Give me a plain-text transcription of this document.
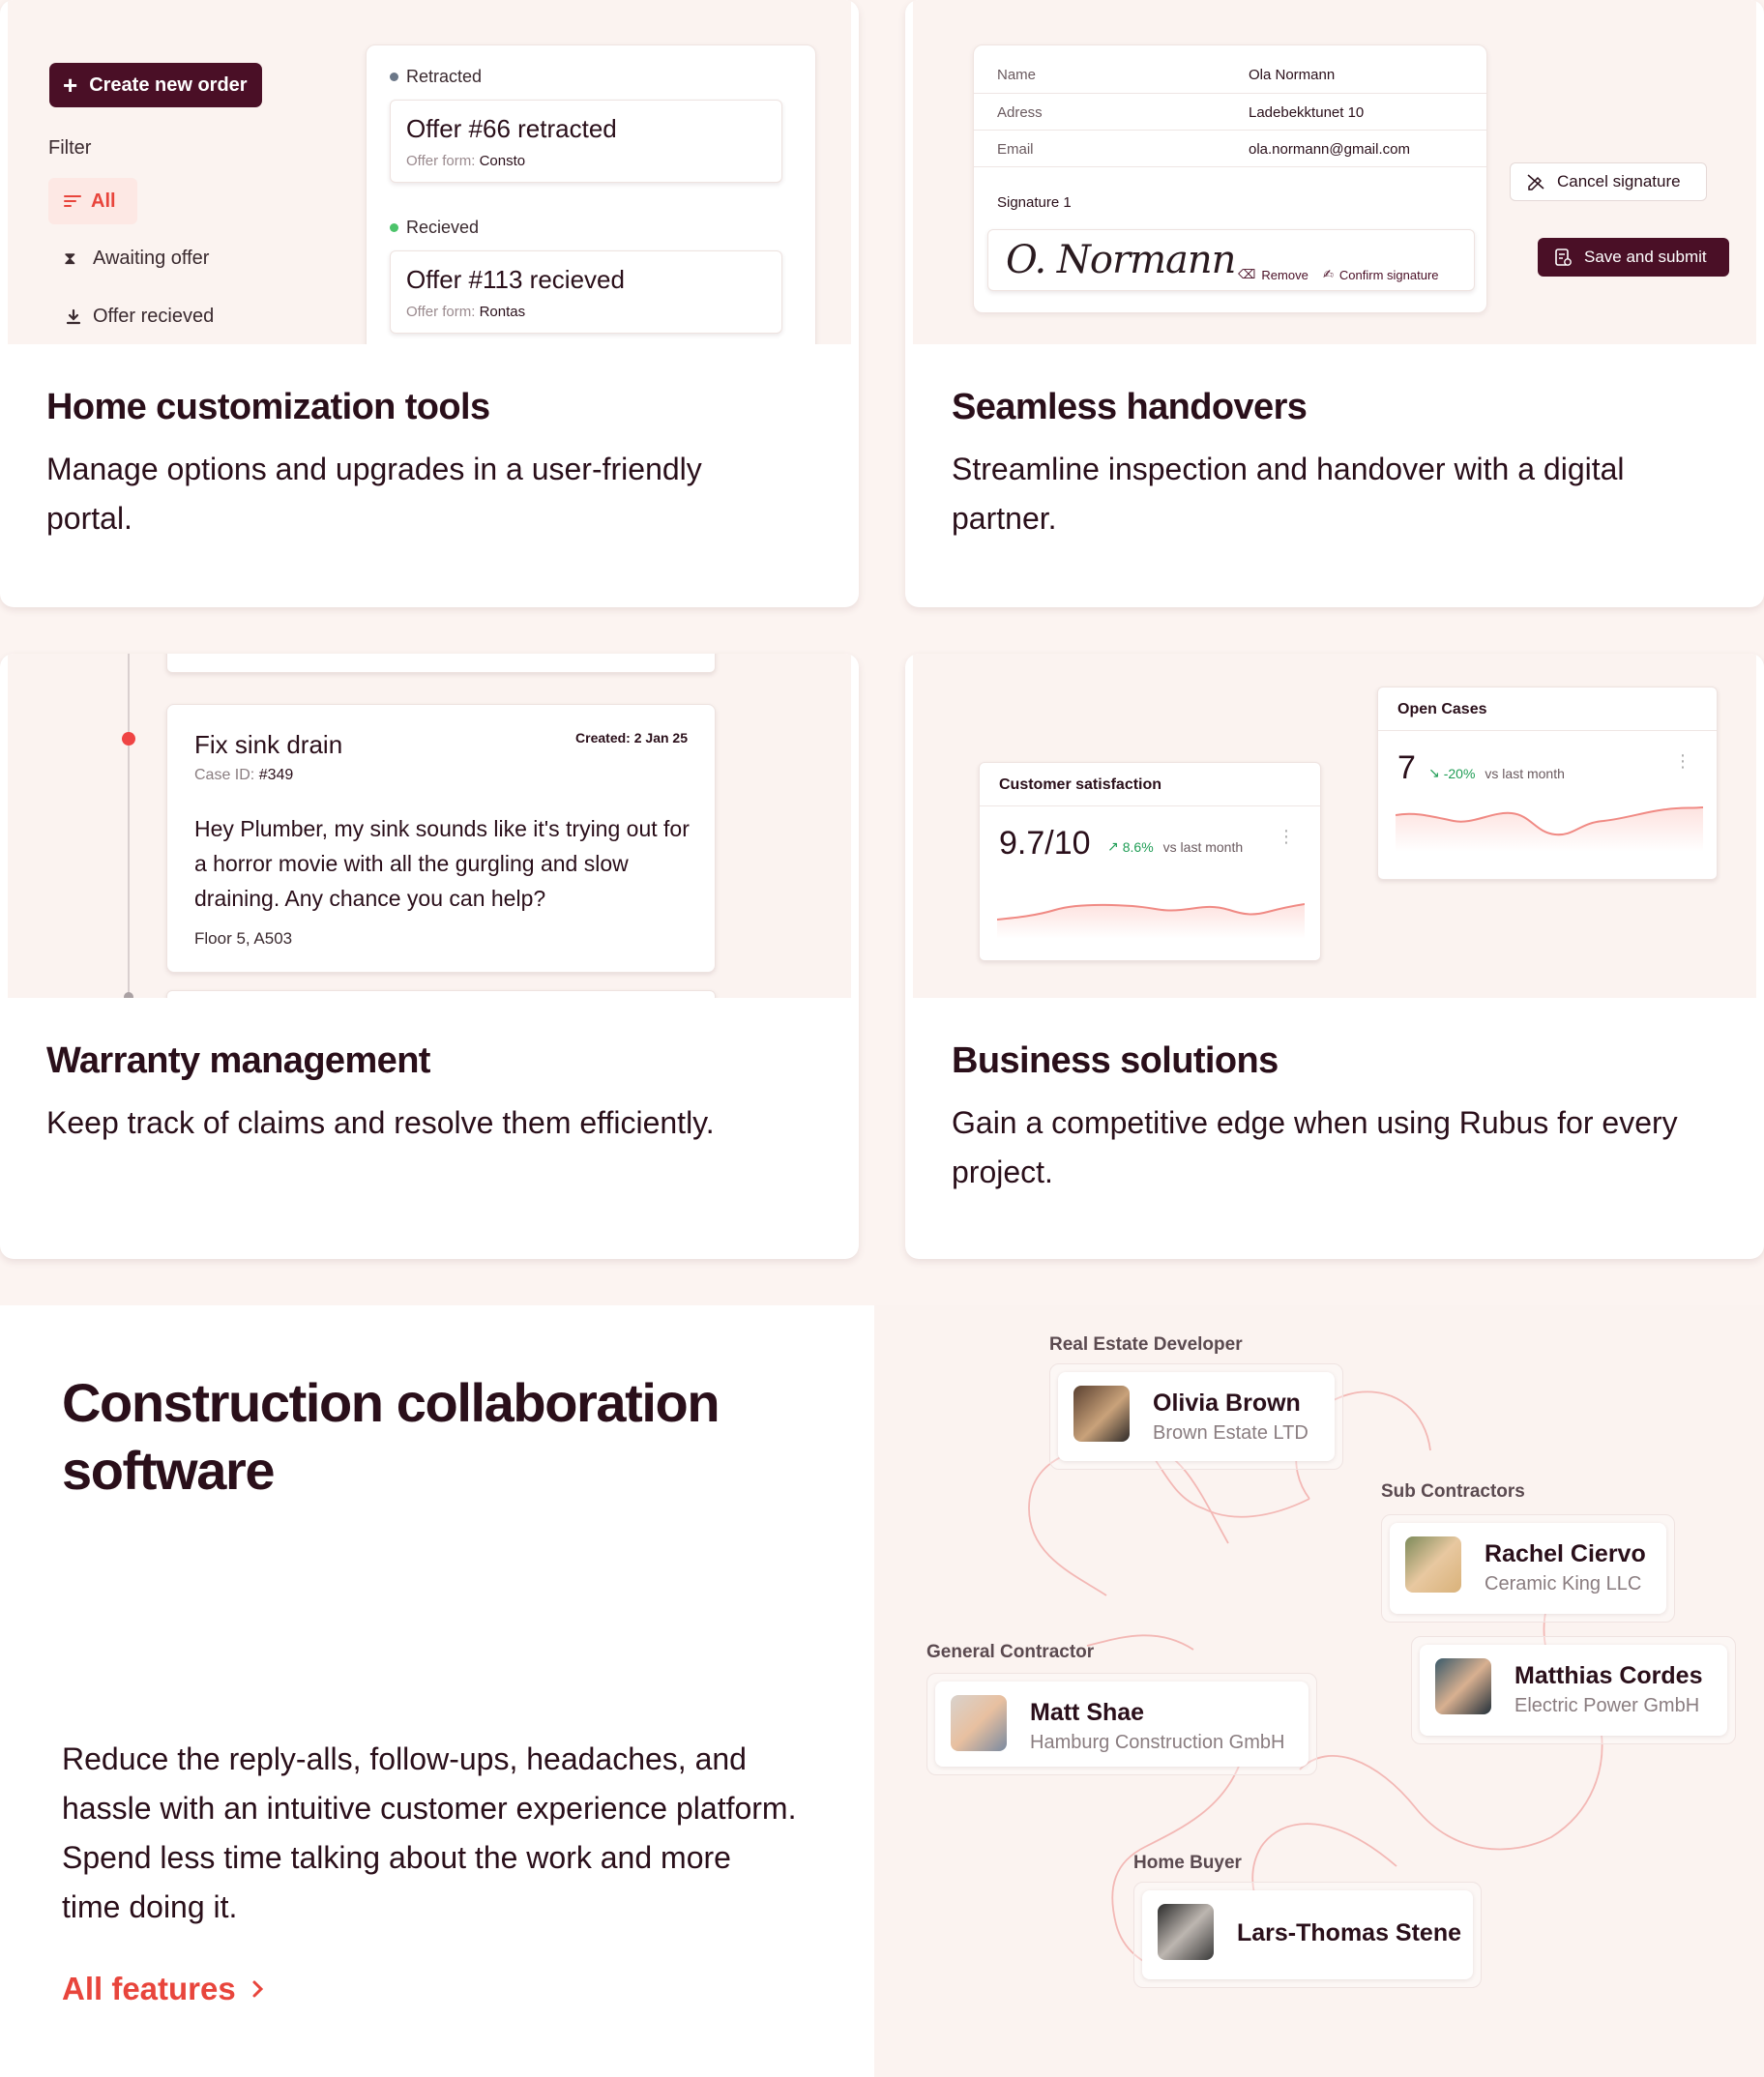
+ Create new order
Filter
All
⧗ Awaiting offer
Offer recieved
Retracted
Offer #66 retracted
Offer form: Consto
Recieved
Offer #113 recieved
Offer form: Rontas
Home customization tools
Manage options and upgrades in a user-friendly portal.
Name	Ola Normann
Adress	Ladebekktunet 10
Email	ola.normann@gmail.com
Signature 1
O. Normann ⌫ Remove ✍ Confirm signature
Cancel signature
Save and submit
Seamless handovers
Streamline inspection and handover with a digital partner.
Fix sink drain	Created: 2 Jan 25
Case ID: #349
Hey Plumber, my sink sounds like it's trying out for a horror movie with all the gurgling and slow draining. Any chance you can help?
Floor 5, A503
Warranty management
Keep track of claims and resolve them efficiently.
Open Cases
7 ↘ -20% vs last month
⋮
Customer satisfaction
9.7/10 ↗ 8.6% vs last month
⋮
Business solutions
Gain a competitive edge when using Rubus for every project.
Construction collaboration software
Reduce the reply-alls, follow-ups, headaches, and hassle with an intuitive customer experience platform. Spend less time talking about the work and more time doing it.
All features
Real Estate Developer
Olivia Brown
Brown Estate LTD
Sub Contractors
Rachel Ciervo
Ceramic King LLC
Matthias Cordes
Electric Power GmbH
General Contractor
Matt Shae
Hamburg Construction GmbH
Home Buyer
Lars-Thomas Stene
